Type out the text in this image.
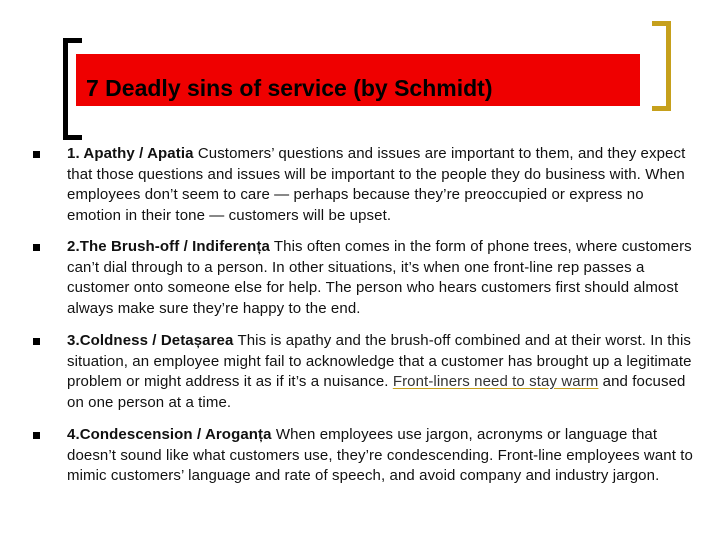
7 Deadly sins of service (by Schmidt)

1. Apathy / Apatia Customers’ questions and issues are important to them, and they expect that those questions and issues will be important to the people they do business with. When employees don’t seem to care — perhaps because they’re preoccupied or express no emotion in their tone — customers will be upset.

2.The Brush-off / Indiferența This often comes in the form of phone trees, where customers can’t dial through to a person. In other situations, it’s when one front-line rep passes a customer onto someone else for help. The person who hears customers first should almost always make sure they’re happy to the end.

3.Coldness / Detașarea This is apathy and the brush-off combined and at their worst. In this situation, an employee might fail to acknowledge that a customer has brought up a legitimate problem or might address it as if it’s a nuisance. Front-liners need to stay warm and focused on one person at a time.

4.Condescension / Aroganța When employees use jargon, acronyms or language that doesn’t sound like what customers use, they’re condescending. Front-line employees want to mimic customers’ language and rate of speech, and avoid company and industry jargon.
